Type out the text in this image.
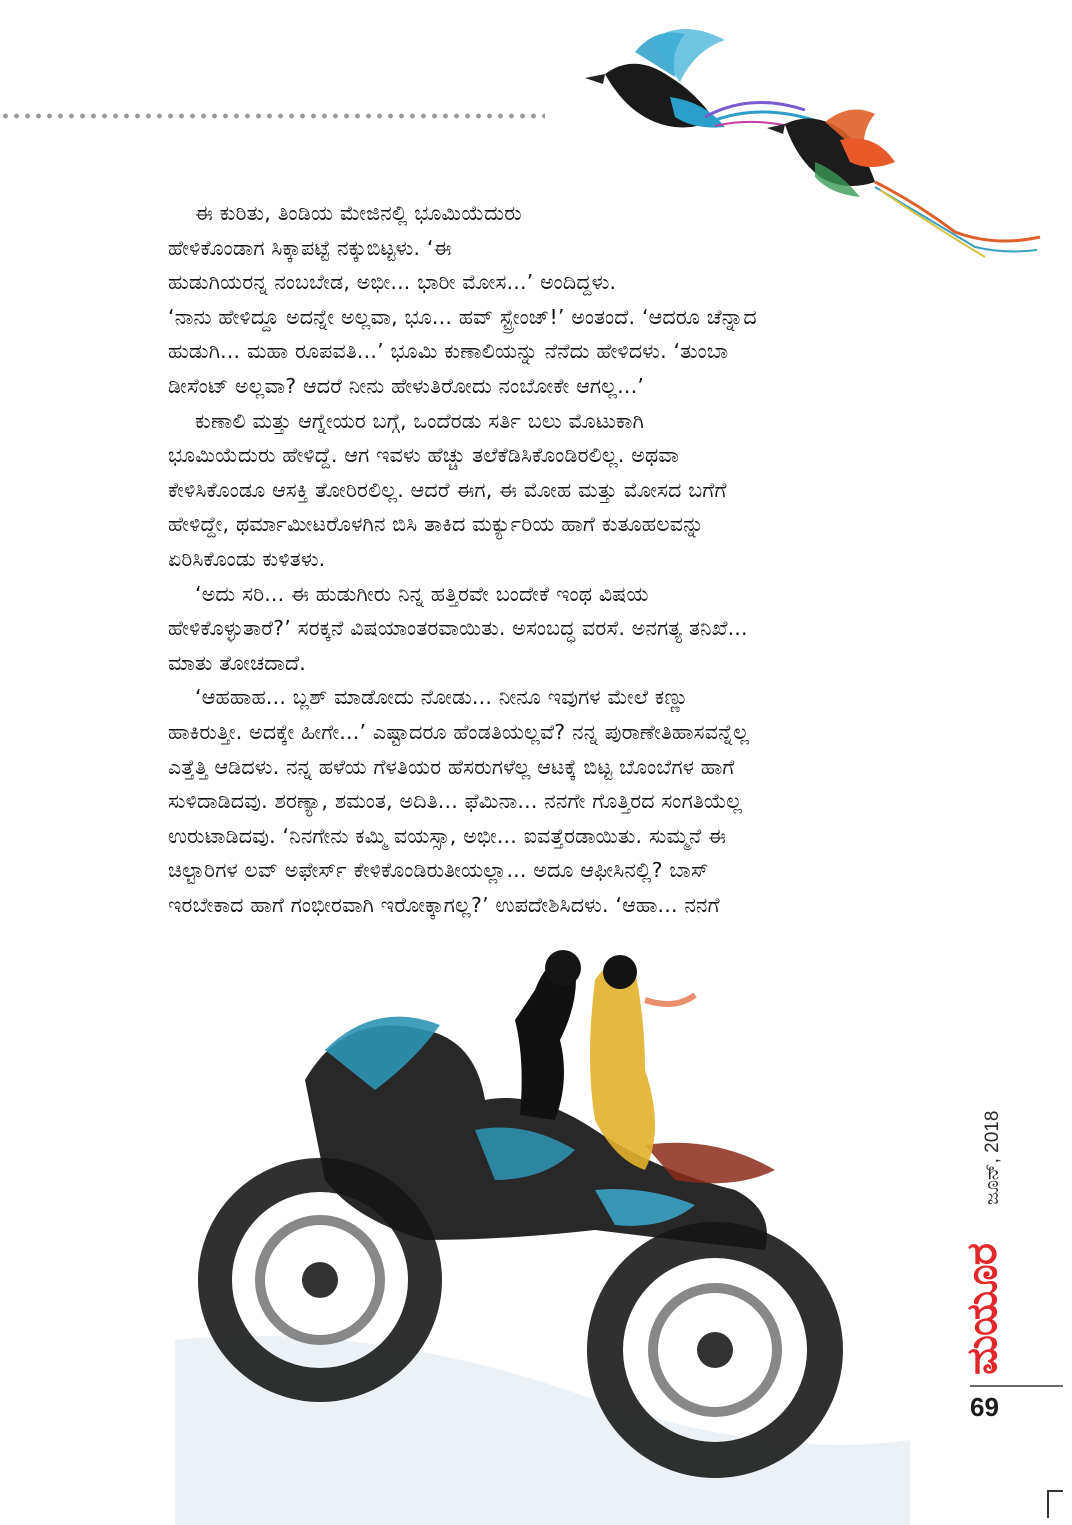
ಈ ಕುರಿತು, ತಿಂಡಿಯ ಮೇಜಿನಲ್ಲಿ ಭೂಮಿಯೆದುರು
ಹೇಳಿಕೊಂಡಾಗ ಸಿಕ್ಕಾಪಟ್ಟೆ ನಕ್ಕುಬಿಟ್ಟಳು. ‘ಈ
ಹುಡುಗಿಯರನ್ನ ನಂಬಬೇಡ, ಅಭೀ... ಭಾರೀ ಮೋಸ...’ ಅಂದಿದ್ದಳು.
‘ನಾನು ಹೇಳಿದ್ದೂ ಅದನ್ನೇ ಅಲ್ಲವಾ, ಭೂ... ಹವ್ ಸ್ಟ್ರೇಂಜ್!’ ಅಂತಂದೆ. ‘ಆದರೂ ಚೆನ್ನಾದ
ಹುಡುಗಿ... ಮಹಾ ರೂಪವತಿ...’ ಭೂಮಿ ಕುಣಾಲಿಯನ್ನು ನೆನೆದು ಹೇಳಿದಳು. ‘ತುಂಬಾ
ಡೀಸೆಂಟ್ ಅಲ್ಲವಾ? ಆದರೆ ನೀನು ಹೇಳುತಿರೋದು ನಂಬೋಕೇ ಆಗಲ್ಲ...’
ಕುಣಾಲಿ ಮತ್ತು ಆಗ್ನೇಯರ ಬಗ್ಗೆ, ಒಂದೆರಡು ಸರ್ತಿ ಬಲು ಮೊಟುಕಾಗಿ
ಭೂಮಿಯೆದುರು ಹೇಳಿದ್ದೆ. ಆಗ ಇವಳು ಹೆಚ್ಚು ತಲೆಕೆಡಿಸಿಕೊಂಡಿರಲಿಲ್ಲ. ಅಥವಾ
ಕೇಳಿಸಿಕೊಂಡೂ ಆಸಕ್ತಿ ತೋರಿರಲಿಲ್ಲ. ಆದರೆ ಈಗ, ಈ ಮೋಹ ಮತ್ತು ಮೋಸದ ಬಗೆಗೆ
ಹೇಳಿದ್ದೇ, ಥರ್ಮಾಮೀಟರೊಳಗಿನ ಬಿಸಿ ತಾಕಿದ ಮರ್ಕ್ಯುರಿಯ ಹಾಗೆ ಕುತೂಹಲವನ್ನು
ಏರಿಸಿಕೊಂಡು ಕುಳಿತಳು.
‘ಅದು ಸರಿ... ಈ ಹುಡುಗೀರು ನಿನ್ನ ಹತ್ತಿರವೇ ಬಂದೇಕೆ ಇಂಥ ವಿಷಯ
ಹೇಳಿಕೊಳ್ಳುತಾರೆ?’ ಸರಕ್ಕನೆ ವಿಷಯಾಂತರವಾಯಿತು. ಅಸಂಬದ್ಧ ವರಸೆ. ಅನಗತ್ಯ ತನಿಖೆ...
ಮಾತು ತೋಚದಾದೆ.
‘ಆಹಹಾಹ... ಬ್ಲಶ್ ಮಾಡೋದು ನೋಡು... ನೀನೂ ಇವುಗಳ ಮೇಲೆ ಕಣ್ಣು
ಹಾಕಿರುತ್ತೀ. ಅದಕ್ಕೇ ಹೀಗೇ...’ ಎಷ್ಟಾದರೂ ಹೆಂಡತಿಯಲ್ಲವೆ? ನನ್ನ ಪುರಾಣೇತಿಹಾಸವನ್ನೆಲ್ಲ
ಎತ್ತೆತ್ತಿ ಆಡಿದಳು. ನನ್ನ ಹಳೆಯ ಗೆಳತಿಯರ ಹೆಸರುಗಳೆಲ್ಲ ಆಟಕ್ಕೆ ಬಿಟ್ಟ ಬೊಂಬೆಗಳ ಹಾಗೆ
ಸುಳಿದಾಡಿದವು. ಶರಣ್ಯಾ, ಶಮಂತ, ಅದಿತಿ... ಫೆಮಿನಾ... ನನಗೇ ಗೊತ್ತಿರದ ಸಂಗತಿಯೆಲ್ಲ
ಉರುಟಾಡಿದವು. ‘ನಿನಗೇನು ಕಮ್ಮಿ ವಯಸ್ಸಾ, ಅಭೀ... ಐವತ್ತೆರಡಾಯಿತು. ಸುಮ್ಮನೆ ಈ
ಚಿಲ್ಟಾರಿಗಳ ಲವ್ ಅಫೇರ್ಸ್ ಕೇಳಿಕೊಂಡಿರುತೀಯಲ್ಲಾ... ಅದೂ ಆಫೀಸಿನಲ್ಲಿ? ಬಾಸ್
ಇರಬೇಕಾದ ಹಾಗೆ ಗಂಭೀರವಾಗಿ ಇರೋಕ್ಕಾಗಲ್ಲ?’ ಉಪದೇಶಿಸಿದಳು. ‘ಆಹಾ... ನನಗೆ
ಜೂನ್, 2018
ಮಯೂರ
69
